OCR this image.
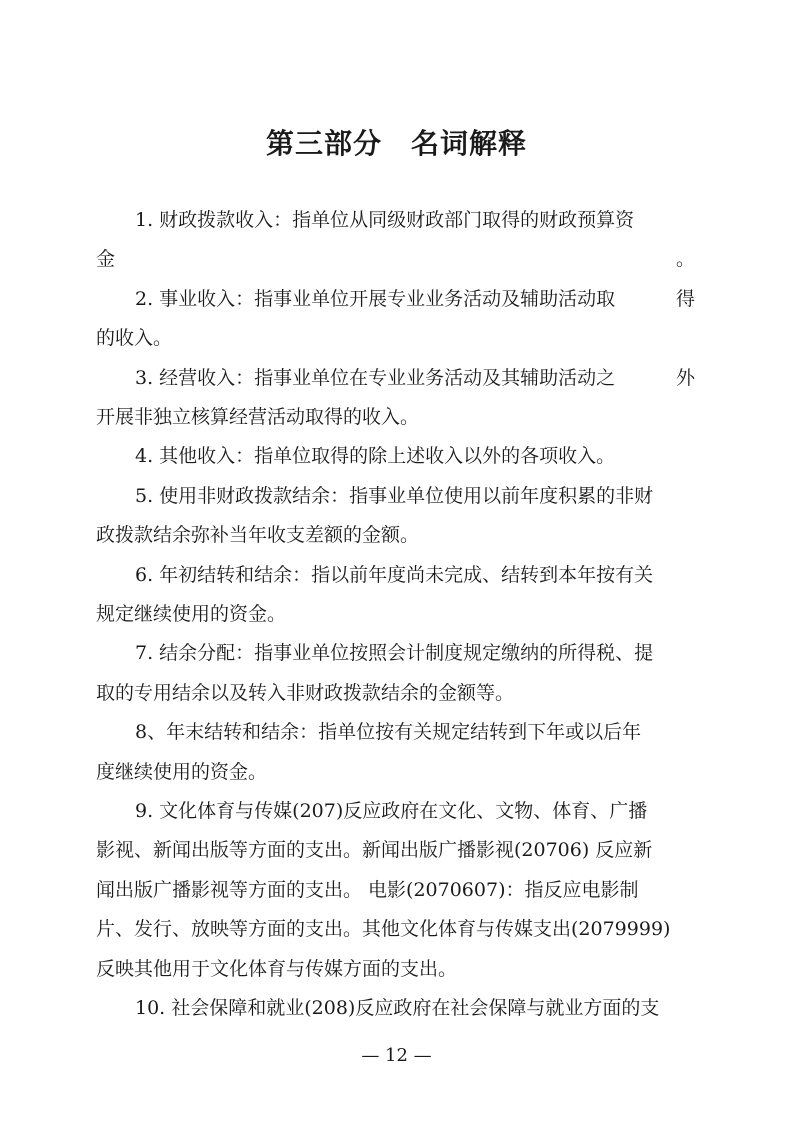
第三部分　名词解释
1. 财政拨款收入：指单位从同级财政部门取得的财政预算资
金	。
2. 事业收入：指事业单位开展专业业务活动及辅助活动取	得
的收入。
3. 经营收入：指事业单位在专业业务活动及其辅助活动之	外
开展非独立核算经营活动取得的收入。
4. 其他收入：指单位取得的除上述收入以外的各项收入。
5. 使用非财政拨款结余：指事业单位使用以前年度积累的非财
政拨款结余弥补当年收支差额的金额。
6. 年初结转和结余：指以前年度尚未完成、结转到本年按有关
规定继续使用的资金。
7. 结余分配：指事业单位按照会计制度规定缴纳的所得税、提
取的专用结余以及转入非财政拨款结余的金额等。
8、年末结转和结余：指单位按有关规定结转到下年或以后年
度继续使用的资金。
9. 文化体育与传媒(207)反应政府在文化、文物、体育、广播
影视、新闻出版等方面的支出。新闻出版广播影视(20706) 反应新
闻出版广播影视等方面的支出。 电影(2070607)：指反应电影制
片、发行、放映等方面的支出。其他文化体育与传媒支出(2079999)
反映其他用于文化体育与传媒方面的支出。
10. 社会保障和就业(208)反应政府在社会保障与就业方面的支
— 12 —
